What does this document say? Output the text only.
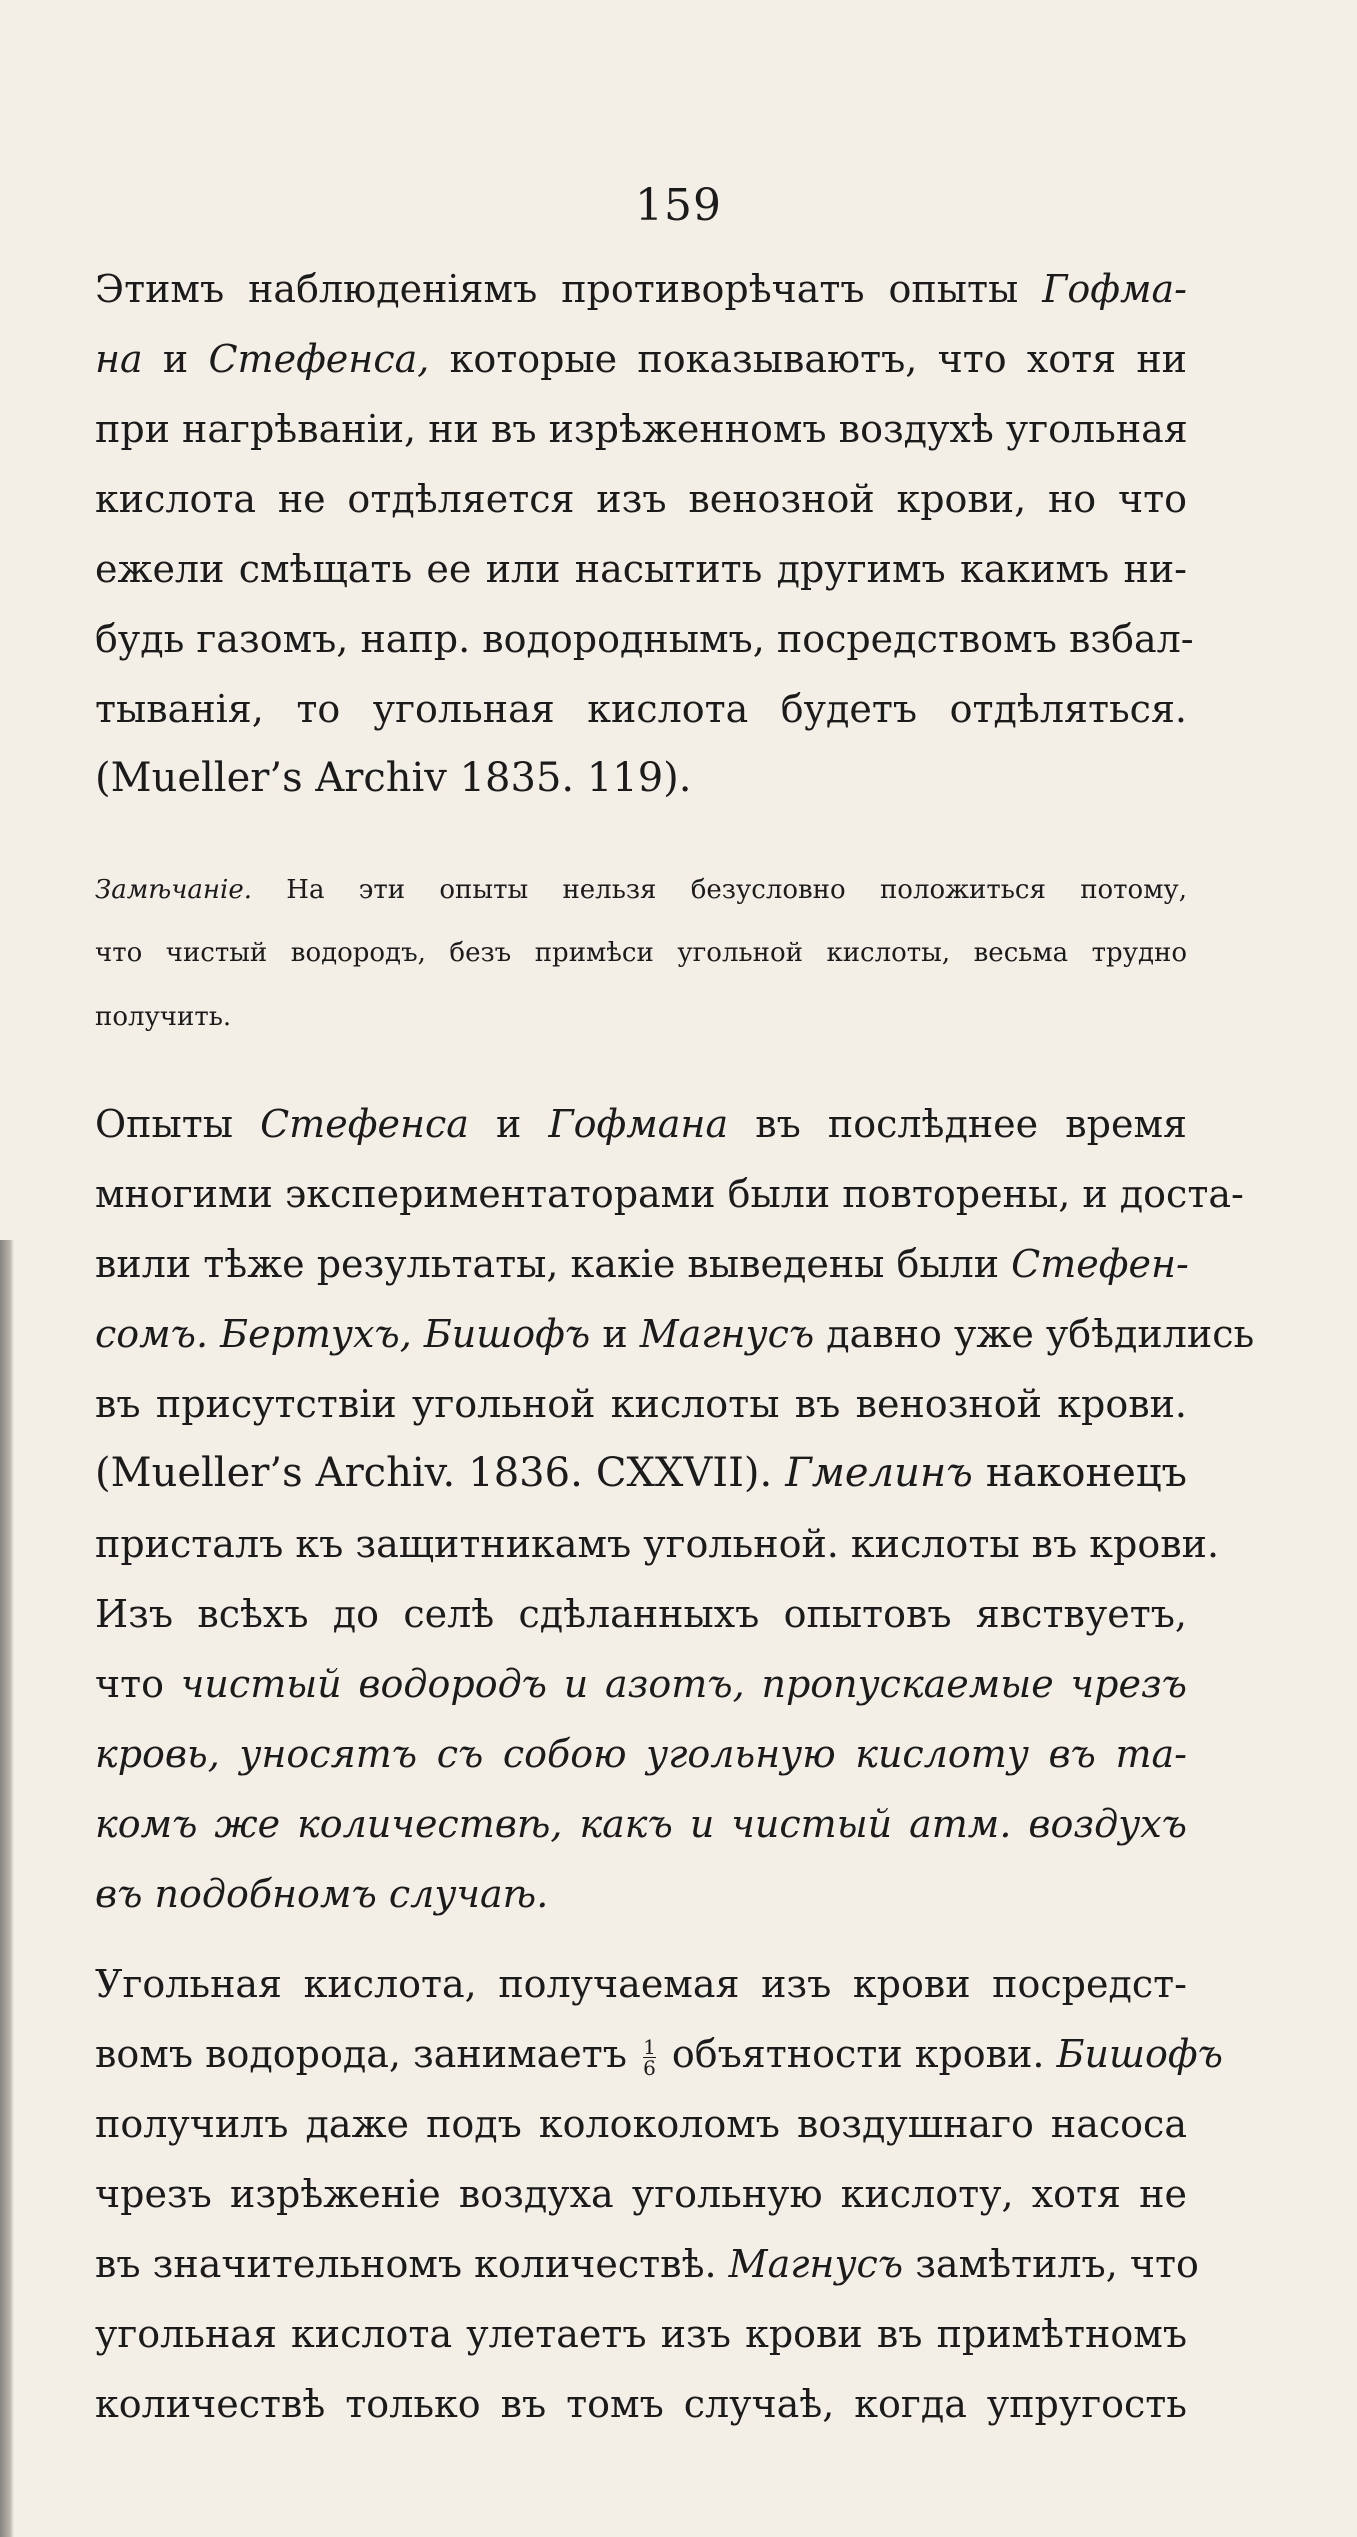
159
Этимъ наблюденiямъ противорѣчатъ опыты Гофма-
на и Стефенса, которые показываютъ, что хотя ни
при нагрѣванiи, ни въ изрѣженномъ воздухѣ угольная
кислота не отдѣляется изъ венозной крови, но что
ежели смѣщать ее или насытить другимъ какимъ ни-
будь газомъ, напр. водороднымъ, посредствомъ взбал-
тыванiя, то угольная кислота будетъ отдѣляться.
(Mueller’s Archiv 1835. 119).
Замѣчанiе. На эти опыты нельзя безусловно положиться потому,
что чистый водородъ, безъ примѣси угольной кислоты, весьма трудно
получить.
Опыты Стефенса и Гофмана въ послѣднее время
многими экспериментаторами были повторены, и доста-
вили тѣже результаты, какiе выведены были Стефен-
сомъ. Бертухъ, Бишофъ и Магнусъ давно уже убѣдились
въ присутствiи угольной кислоты въ венозной крови.
(Mueller’s Archiv. 1836. CXXVII). Гмелинъ наконецъ
присталъ къ защитникамъ угольной. кислоты въ крови.
Изъ всѣхъ до селѣ сдѣланныхъ опытовъ явствуетъ,
что чистый водородъ и азотъ, пропускаемые чрезъ
кровь, уносятъ съ собою угольную кислоту въ та-
комъ же количествѣ, какъ и чистый атм. воздухъ
въ подобномъ случаѣ.
Угольная кислота, получаемая изъ крови посредст-
вомъ водорода, занимаетъ $\frac{1}{6}$ объятности крови. Бишофъ
получилъ даже подъ колоколомъ воздушнаго насоса
чрезъ изрѣженiе воздуха угольную кислоту, хотя не
въ значительномъ количествѣ. Магнусъ замѣтилъ, что
угольная кислота улетаетъ изъ крови въ примѣтномъ
количествѣ только въ томъ случаѣ, когда упругость
